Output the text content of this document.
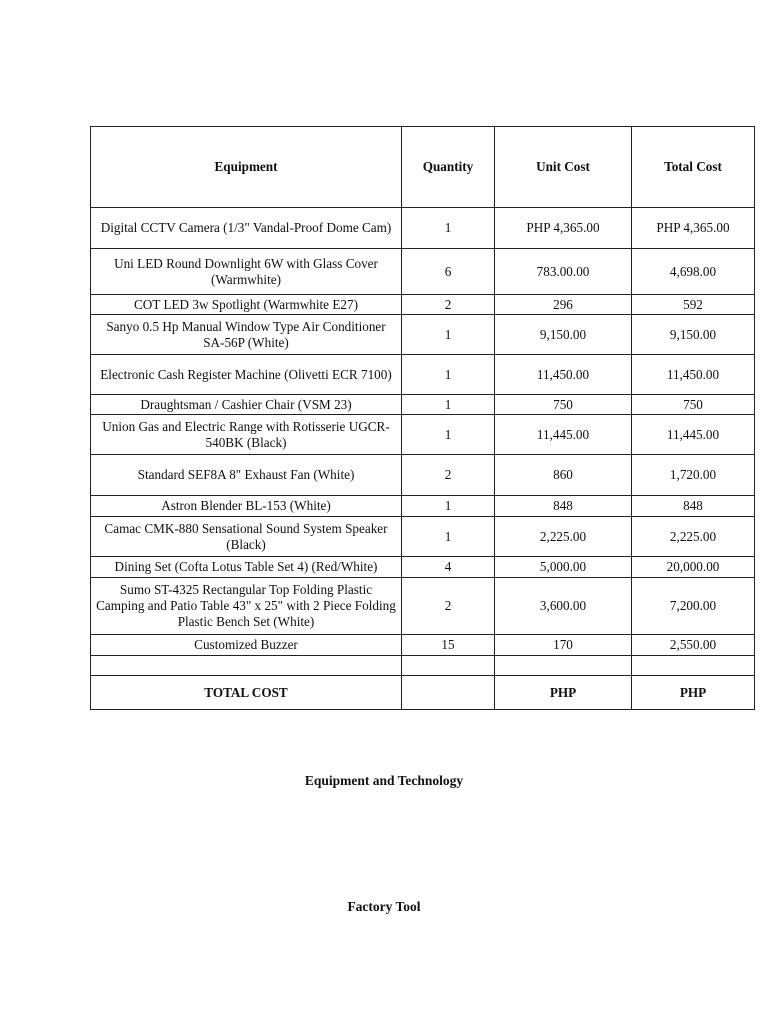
Equipment	Quantity	Unit Cost	Total Cost
Digital CCTV Camera (1/3" Vandal-Proof Dome Cam)	1	PHP 4,365.00	PHP 4,365.00
Uni LED Round Downlight 6W with Glass Cover (Warmwhite)	6	783.00.00	4,698.00
COT LED 3w Spotlight (Warmwhite E27)	2	296	592
Sanyo 0.5 Hp Manual Window Type Air Conditioner SA-56P (White)	1	9,150.00	9,150.00
Electronic Cash Register Machine (Olivetti ECR 7100)	1	11,450.00	11,450.00
Draughtsman / Cashier Chair (VSM 23)	1	750	750
Union Gas and Electric Range with Rotisserie UGCR-540BK (Black)	1	11,445.00	11,445.00
Standard SEF8A 8" Exhaust Fan (White)	2	860	1,720.00
Astron Blender BL-153 (White)	1	848	848
Camac CMK-880 Sensational Sound System Speaker (Black)	1	2,225.00	2,225.00
Dining Set (Cofta Lotus Table Set 4) (Red/White)	4	5,000.00	20,000.00
Sumo ST-4325 Rectangular Top Folding Plastic Camping and Patio Table 43" x 25" with 2 Piece Folding Plastic Bench Set (White)	2	3,600.00	7,200.00
Customized Buzzer	15	170	2,550.00

TOTAL COST		PHP	PHP
Equipment and Technology
Factory Tool
